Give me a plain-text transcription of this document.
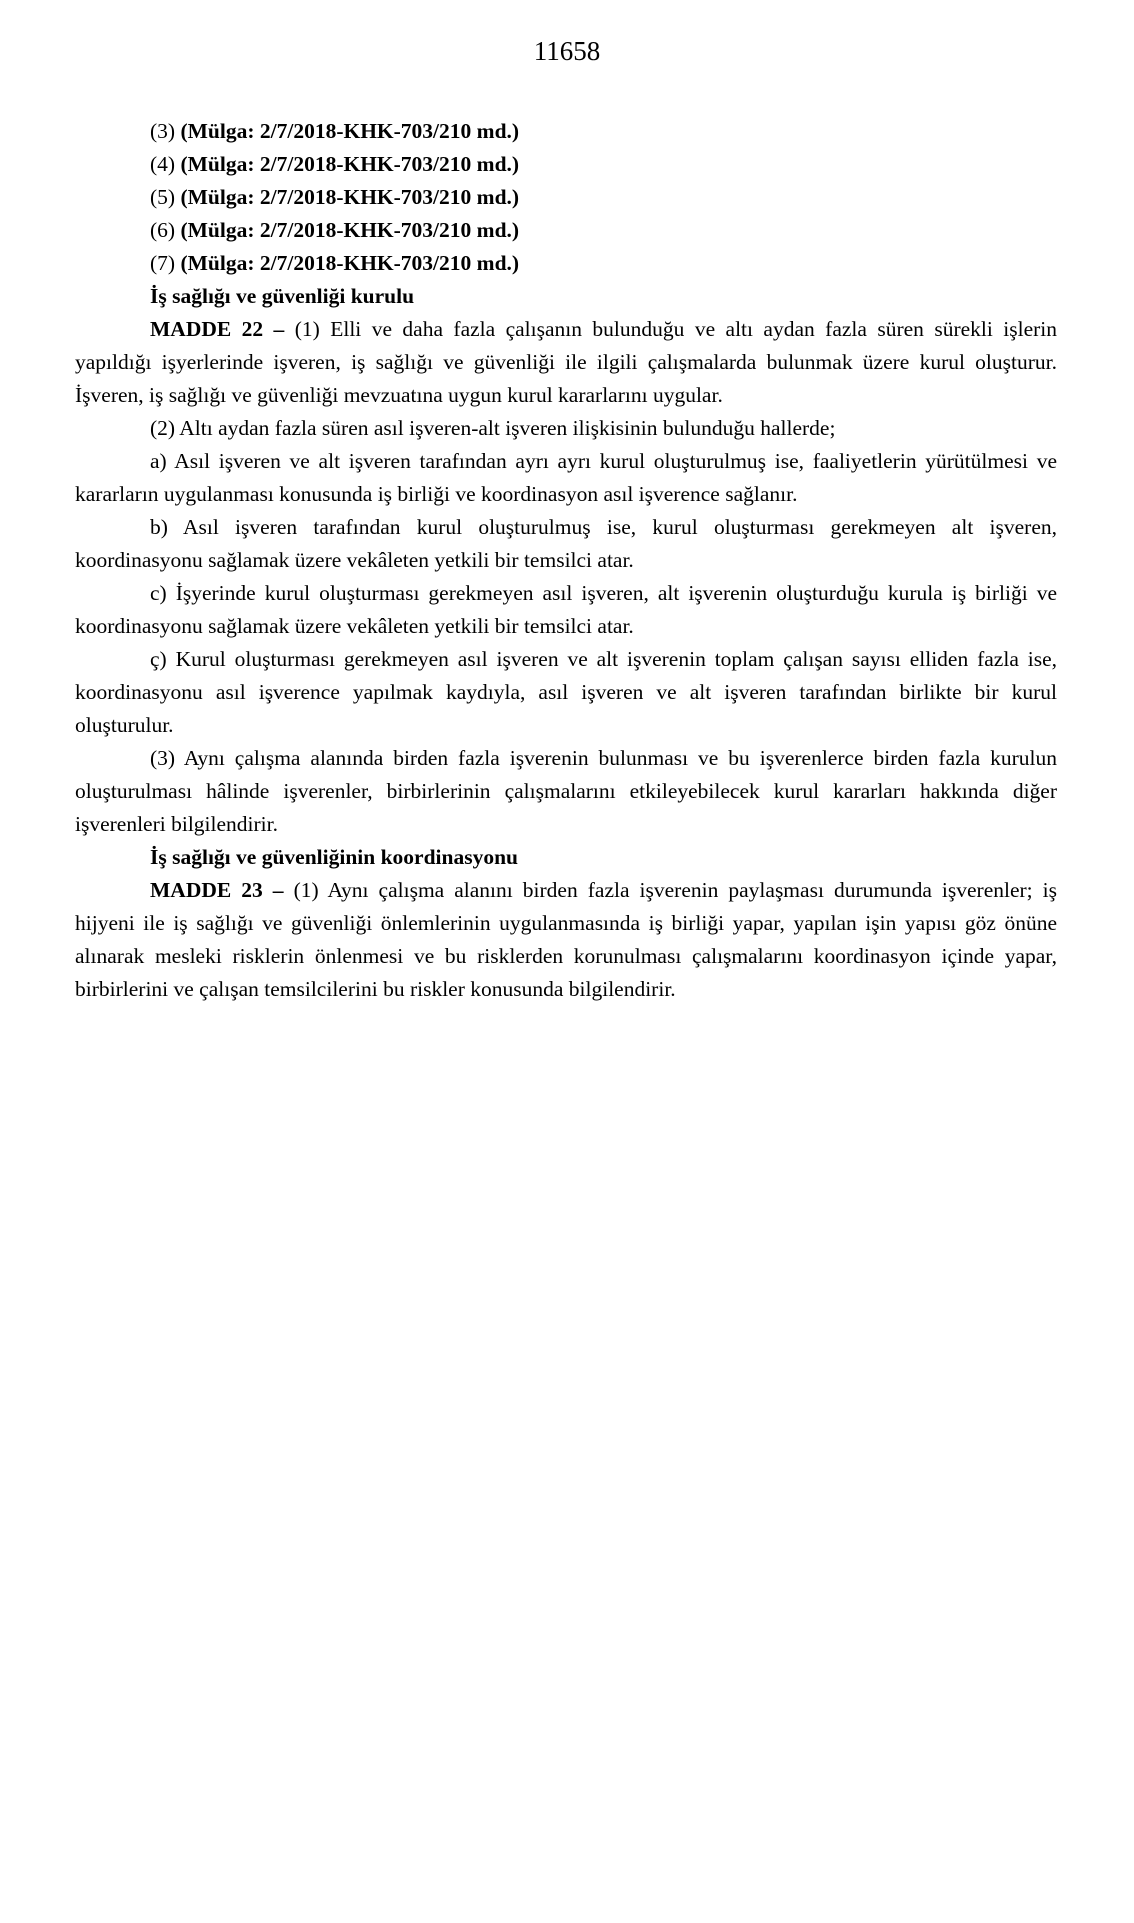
11658

(3) (Mülga: 2/7/2018-KHK-703/210 md.)

(4) (Mülga: 2/7/2018-KHK-703/210 md.)

(5) (Mülga: 2/7/2018-KHK-703/210 md.)

(6) (Mülga: 2/7/2018-KHK-703/210 md.)

(7) (Mülga: 2/7/2018-KHK-703/210 md.)

İş sağlığı ve güvenliği kurulu

MADDE 22 – (1) Elli ve daha fazla çalışanın bulunduğu ve altı aydan fazla süren sürekli işlerin yapıldığı işyerlerinde işveren, iş sağlığı ve güvenliği ile ilgili çalışmalarda bulunmak üzere kurul oluşturur. İşveren, iş sağlığı ve güvenliği mevzuatına uygun kurul kararlarını uygular.

(2) Altı aydan fazla süren asıl işveren-alt işveren ilişkisinin bulunduğu hallerde;

a) Asıl işveren ve alt işveren tarafından ayrı ayrı kurul oluşturulmuş ise, faaliyetlerin yürütülmesi ve kararların uygulanması konusunda iş birliği ve koordinasyon asıl işverence sağlanır.

b) Asıl işveren tarafından kurul oluşturulmuş ise, kurul oluşturması gerekmeyen alt işveren, koordinasyonu sağlamak üzere vekâleten yetkili bir temsilci atar.

c) İşyerinde kurul oluşturması gerekmeyen asıl işveren, alt işverenin oluşturduğu kurula iş birliği ve koordinasyonu sağlamak üzere vekâleten yetkili bir temsilci atar.

ç) Kurul oluşturması gerekmeyen asıl işveren ve alt işverenin toplam çalışan sayısı elliden fazla ise, koordinasyonu asıl işverence yapılmak kaydıyla, asıl işveren ve alt işveren tarafından birlikte bir kurul oluşturulur.

(3) Aynı çalışma alanında birden fazla işverenin bulunması ve bu işverenlerce birden fazla kurulun oluşturulması hâlinde işverenler, birbirlerinin çalışmalarını etkileyebilecek kurul kararları hakkında diğer işverenleri bilgilendirir.

İş sağlığı ve güvenliğinin koordinasyonu

MADDE 23 – (1) Aynı çalışma alanını birden fazla işverenin paylaşması durumunda işverenler; iş hijyeni ile iş sağlığı ve güvenliği önlemlerinin uygulanmasında iş birliği yapar, yapılan işin yapısı göz önüne alınarak mesleki risklerin önlenmesi ve bu risklerden korunulması çalışmalarını koordinasyon içinde yapar, birbirlerini ve çalışan temsilcilerini bu riskler konusunda bilgilendirir.
